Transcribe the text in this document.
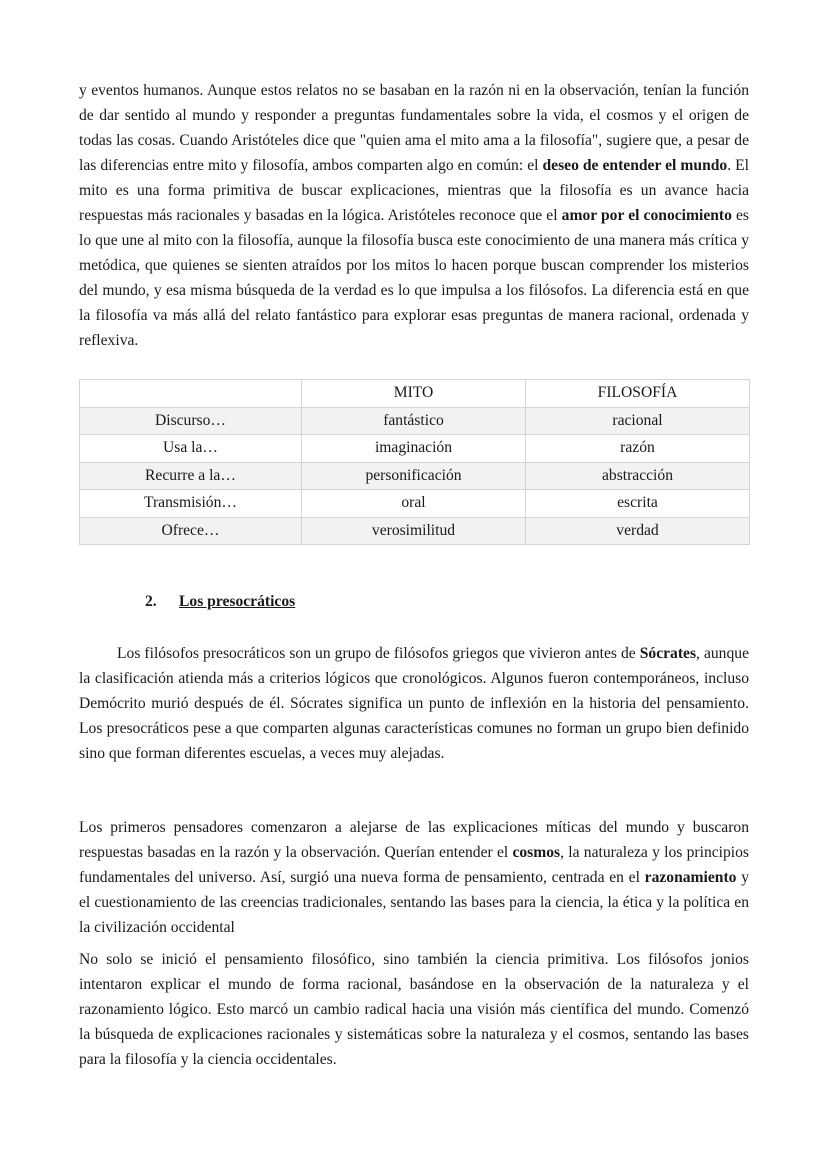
y eventos humanos. Aunque estos relatos no se basaban en la razón ni en la observación, tenían la función de dar sentido al mundo y responder a preguntas fundamentales sobre la vida, el cosmos y el origen de todas las cosas. Cuando Aristóteles dice que "quien ama el mito ama a la filosofía", sugiere que, a pesar de las diferencias entre mito y filosofía, ambos comparten algo en común: el deseo de entender el mundo. El mito es una forma primitiva de buscar explicaciones, mientras que la filosofía es un avance hacia respuestas más racionales y basadas en la lógica. Aristóteles reconoce que el amor por el conocimiento es lo que une al mito con la filosofía, aunque la filosofía busca este conocimiento de una manera más crítica y metódica, que quienes se sienten atraídos por los mitos lo hacen porque buscan comprender los misterios del mundo, y esa misma búsqueda de la verdad es lo que impulsa a los filósofos. La diferencia está en que la filosofía va más allá del relato fantástico para explorar esas preguntas de manera racional, ordenada y reflexiva.

	MITO	FILOSOFÍA
Discurso…	fantástico	racional
Usa la…	imaginación	razón
Recurre a la…	personificación	abstracción
Transmisión…	oral	escrita
Ofrece…	verosimilitud	verdad
2. Los presocráticos

Los filósofos presocráticos son un grupo de filósofos griegos que vivieron antes de Sócrates, aunque la clasificación atienda más a criterios lógicos que cronológicos. Algunos fueron contemporáneos, incluso Demócrito murió después de él. Sócrates significa un punto de inflexión en la historia del pensamiento. Los presocráticos pese a que comparten algunas características comunes no forman un grupo bien definido sino que forman diferentes escuelas, a veces muy alejadas.

Los primeros pensadores comenzaron a alejarse de las explicaciones míticas del mundo y buscaron respuestas basadas en la razón y la observación. Querían entender el cosmos, la naturaleza y los principios fundamentales del universo. Así, surgió una nueva forma de pensamiento, centrada en el razonamiento y el cuestionamiento de las creencias tradicionales, sentando las bases para la ciencia, la ética y la política en la civilización occidental

No solo se inició el pensamiento filosófico, sino también la ciencia primitiva. Los filósofos jonios intentaron explicar el mundo de forma racional, basándose en la observación de la naturaleza y el razonamiento lógico. Esto marcó un cambio radical hacia una visión más científica del mundo. Comenzó la búsqueda de explicaciones racionales y sistemáticas sobre la naturaleza y el cosmos, sentando las bases para la filosofía y la ciencia occidentales.
